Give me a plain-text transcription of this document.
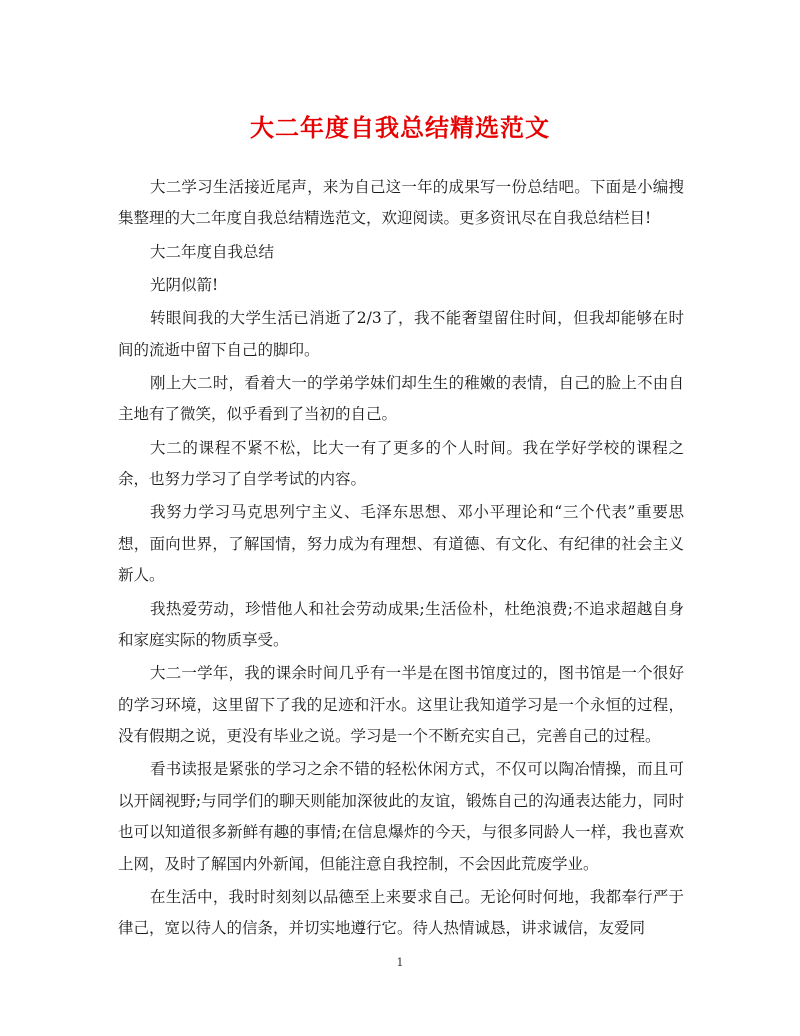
大二年度自我总结精选范文

大二学习生活接近尾声，来为自己这一年的成果写一份总结吧。下面是小编搜集整理的大二年度自我总结精选范文，欢迎阅读。更多资讯尽在自我总结栏目!

大二年度自我总结

光阴似箭!

转眼间我的大学生活已消逝了2/3了，我不能奢望留住时间，但我却能够在时间的流逝中留下自己的脚印。

刚上大二时，看着大一的学弟学妹们却生生的稚嫩的表情，自己的脸上不由自主地有了微笑，似乎看到了当初的自己。

大二的课程不紧不松，比大一有了更多的个人时间。我在学好学校的课程之余，也努力学习了自学考试的内容。

我努力学习马克思列宁主义、毛泽东思想、邓小平理论和“三个代表”重要思想，面向世界，了解国情，努力成为有理想、有道德、有文化、有纪律的社会主义新人。

我热爱劳动，珍惜他人和社会劳动成果;生活俭朴，杜绝浪费;不追求超越自身和家庭实际的物质享受。

大二一学年，我的课余时间几乎有一半是在图书馆度过的，图书馆是一个很好的学习环境，这里留下了我的足迹和汗水。这里让我知道学习是一个永恒的过程，没有假期之说，更没有毕业之说。学习是一个不断充实自己，完善自己的过程。

看书读报是紧张的学习之余不错的轻松休闲方式，不仅可以陶冶情操，而且可以开阔视野;与同学们的聊天则能加深彼此的友谊，锻炼自己的沟通表达能力，同时也可以知道很多新鲜有趣的事情;在信息爆炸的今天，与很多同龄人一样，我也喜欢上网，及时了解国内外新闻，但能注意自我控制，不会因此荒废学业。

在生活中，我时时刻刻以品德至上来要求自己。无论何时何地，我都奉行严于律己，宽以待人的信条，并切实地遵行它。待人热情诚恳，讲求诚信，友爱同

1
